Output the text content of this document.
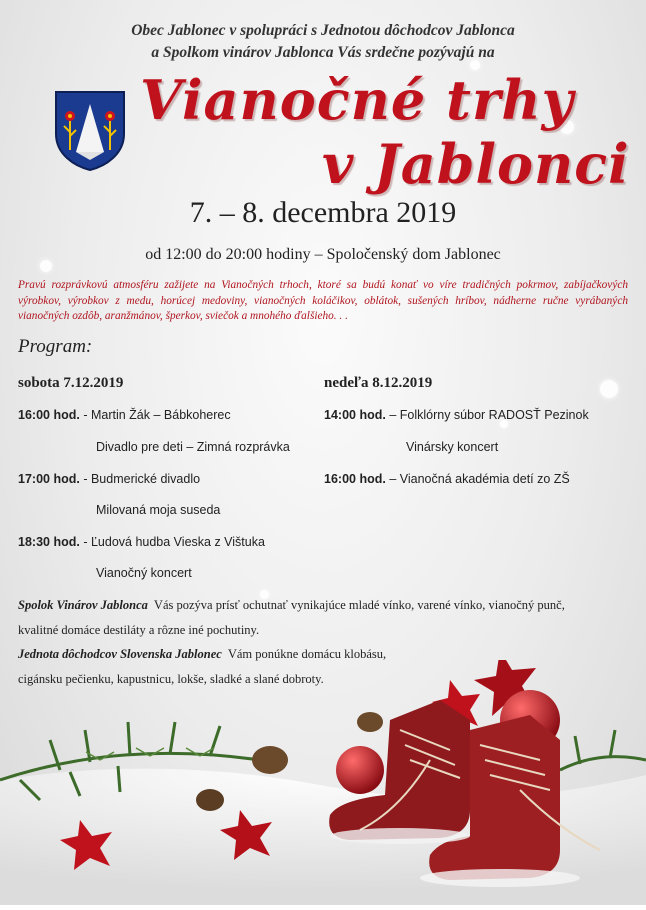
Obec Jablonec v spolupráci s Jednotou dôchodcov Jablonca
a Spolkom vinárov Jablonca Vás srdečne pozývajú na
Vianočné trhy
v Jablonci
7. – 8. decembra 2019
od 12:00 do 20:00 hodiny – Spoločenský dom Jablonec
Pravú rozprávkovú atmosféru zažijete na Vianočných trhoch, ktoré sa budú konať vo víre tradičných pokrmov, zabíjačkových výrobkov, výrobkov z medu, horúcej medoviny, vianočných koláčikov, oblátok, sušených hríbov, nádherne ručne vyrábaných vianočných ozdôb, aranžmánov, šperkov, sviečok a mnohého ďalšieho. . .
Program:
sobota 7.12.2019
16:00 hod. - Martin Žák – Bábkoherec
Divadlo pre deti – Zimná rozprávka
17:00 hod. - Budmerické divadlo
Milovaná moja suseda
18:30 hod. - Ľudová hudba Vieska z Vištuka
Vianočný koncert
nedeľa 8.12.2019
14:00 hod. – Folklórny súbor RADOSŤ Pezinok
Vinársky koncert
16:00 hod. – Vianočná akadémia detí zo ZŠ
Spolok Vinárov Jablonca Vás pozýva prísť ochutnať vynikajúce mladé vínko, varené vínko, vianočný punč,
kvalitné domáce destiláty a rôzne iné pochutiny.
Jednota dôchodcov Slovenska Jablonec Vám ponúkne domácu klobásu,
cigánsku pečienku, kapustnicu, lokše, sladké a slané dobroty.
